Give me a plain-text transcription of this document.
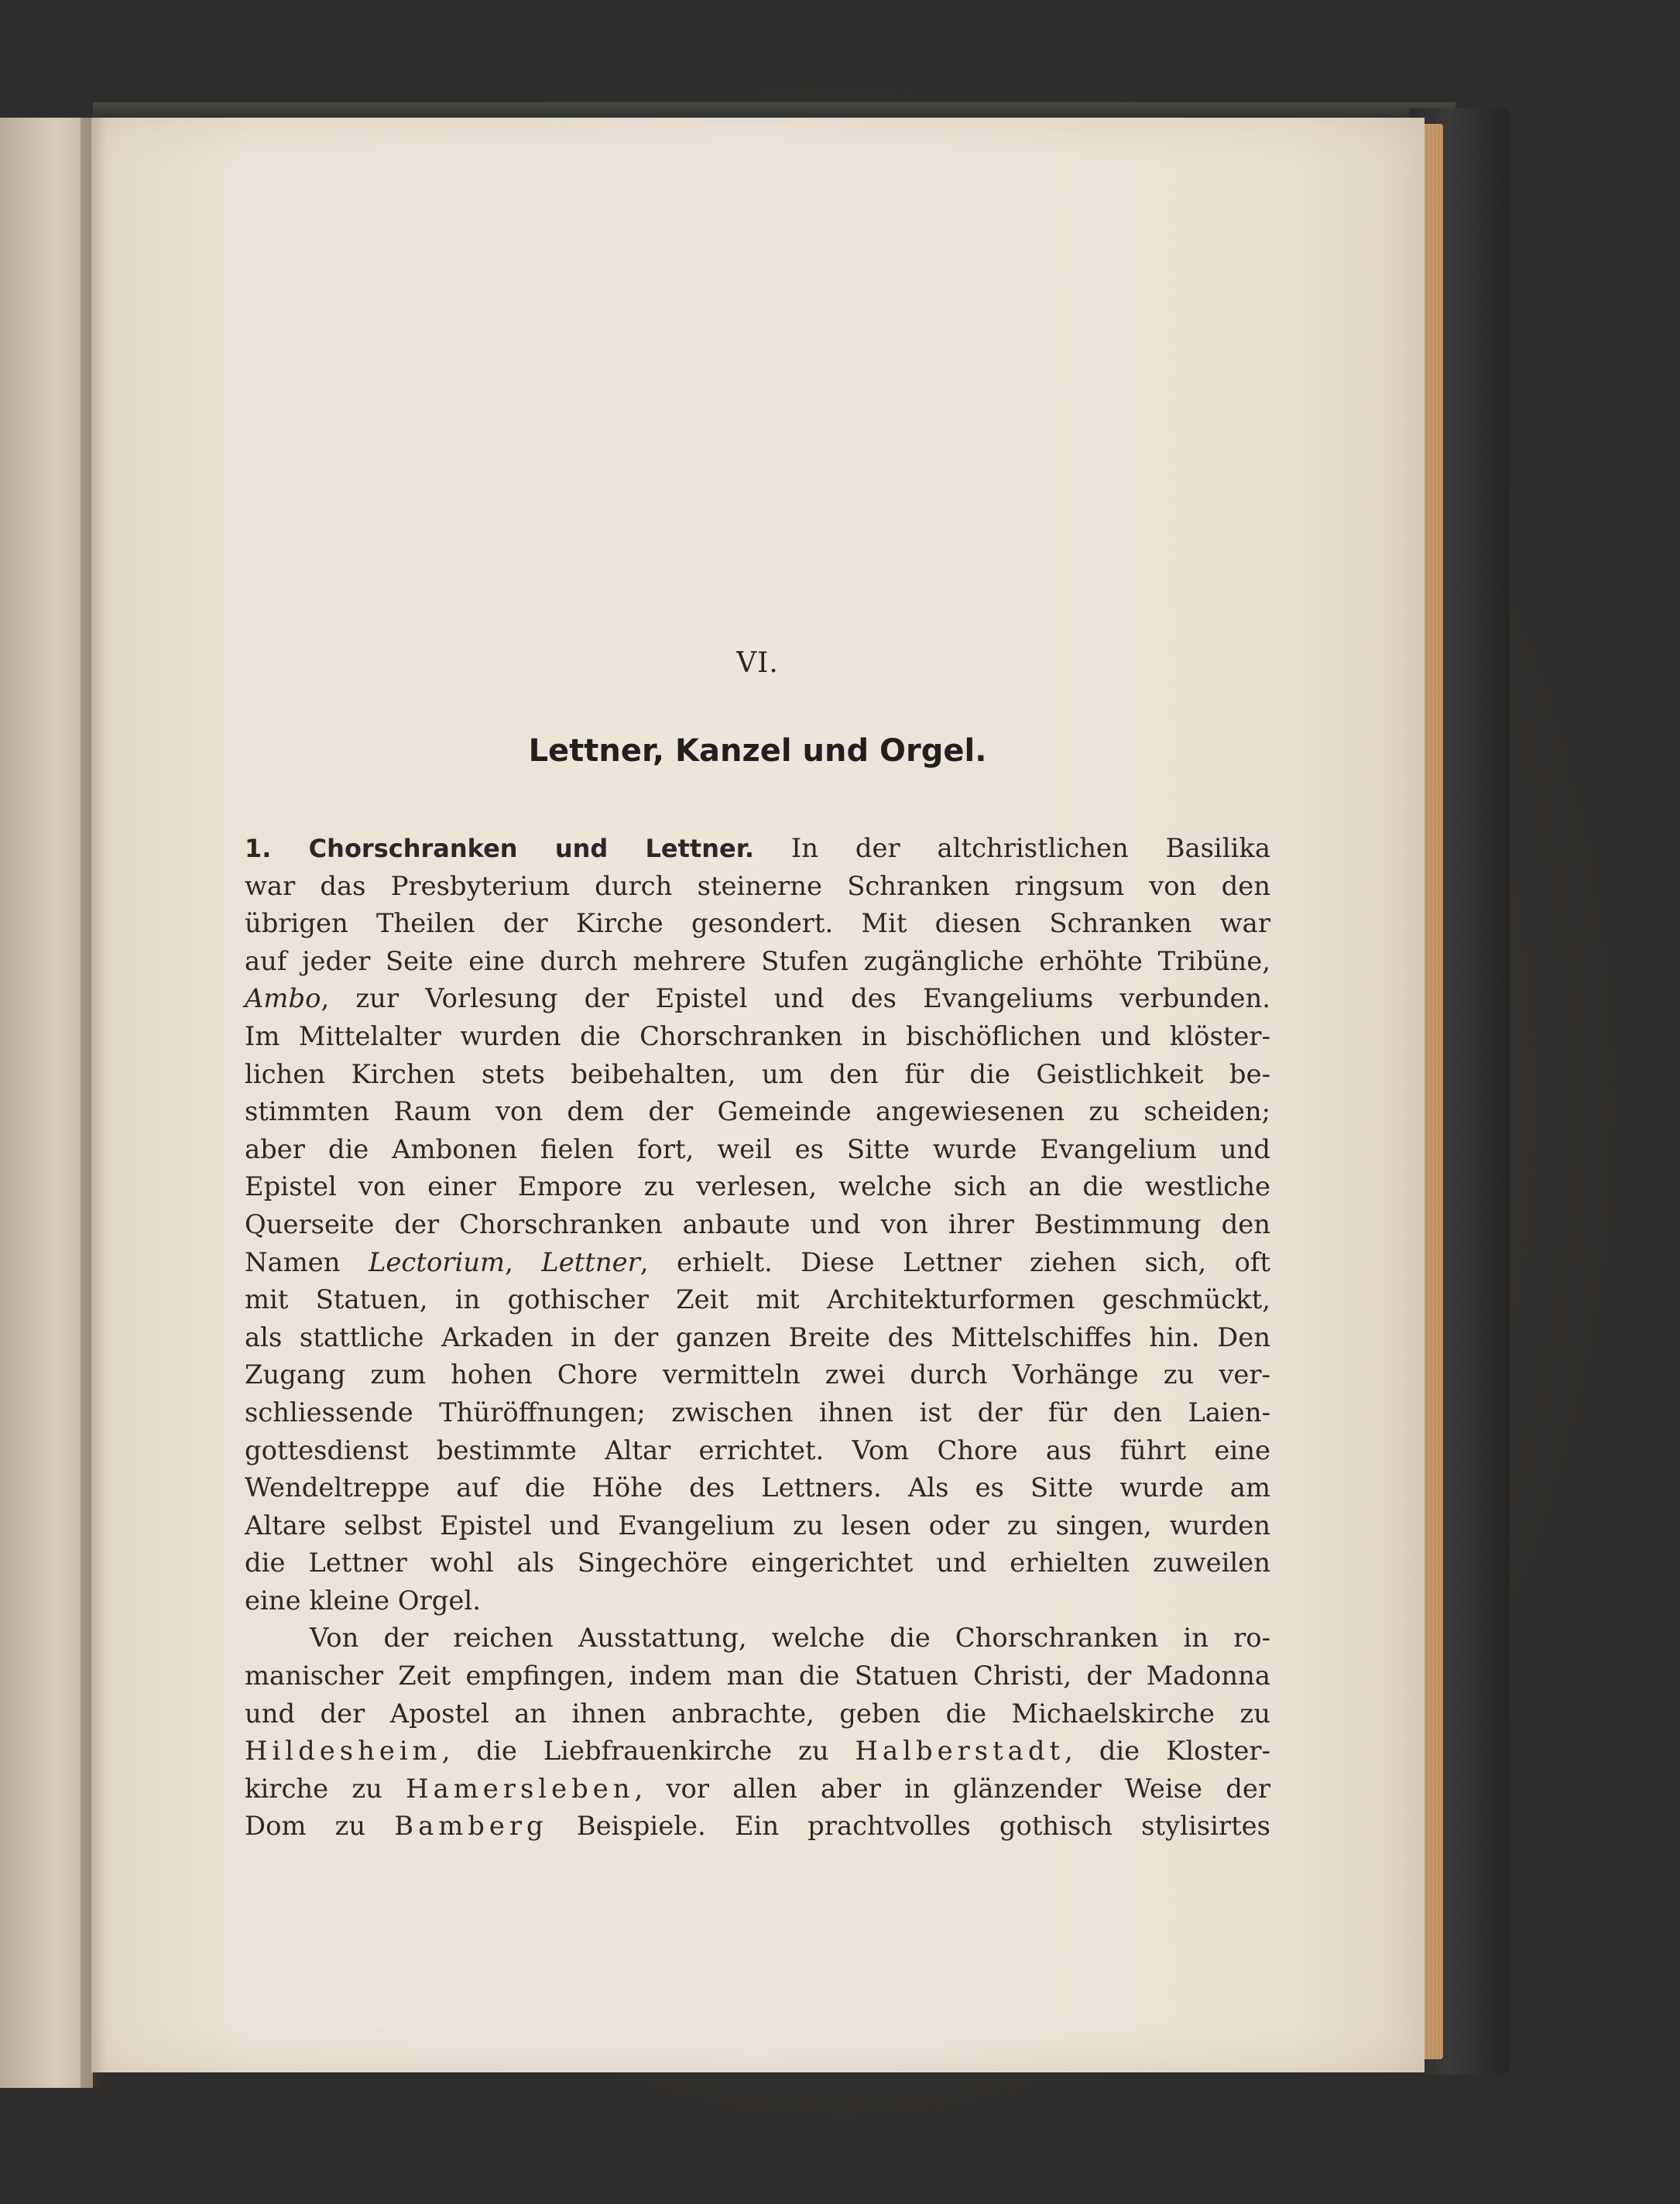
VI.
Lettner, Kanzel und Orgel.
1. Chorschranken und Lettner. In der altchristlichen Basilika
war das Presbyterium durch steinerne Schranken ringsum von den
übrigen Theilen der Kirche gesondert. Mit diesen Schranken war
auf jeder Seite eine durch mehrere Stufen zugängliche erhöhte Tribüne,
Ambo, zur Vorlesung der Epistel und des Evangeliums verbunden.
Im Mittelalter wurden die Chorschranken in bischöflichen und klöster-
lichen Kirchen stets beibehalten, um den für die Geistlichkeit be-
stimmten Raum von dem der Gemeinde angewiesenen zu scheiden;
aber die Ambonen fielen fort, weil es Sitte wurde Evangelium und
Epistel von einer Empore zu verlesen, welche sich an die westliche
Querseite der Chorschranken anbaute und von ihrer Bestimmung den
Namen Lectorium, Lettner, erhielt. Diese Lettner ziehen sich, oft
mit Statuen, in gothischer Zeit mit Architekturformen geschmückt,
als stattliche Arkaden in der ganzen Breite des Mittelschiffes hin. Den
Zugang zum hohen Chore vermitteln zwei durch Vorhänge zu ver-
schliessende Thüröffnungen; zwischen ihnen ist der für den Laien-
gottesdienst bestimmte Altar errichtet. Vom Chore aus führt eine
Wendeltreppe auf die Höhe des Lettners. Als es Sitte wurde am
Altare selbst Epistel und Evangelium zu lesen oder zu singen, wurden
die Lettner wohl als Singechöre eingerichtet und erhielten zuweilen
eine kleine Orgel.
Von der reichen Ausstattung, welche die Chorschranken in ro-
manischer Zeit empfingen, indem man die Statuen Christi, der Madonna
und der Apostel an ihnen anbrachte, geben die Michaelskirche zu
Hildesheim, die Liebfrauenkirche zu Halberstadt, die Kloster-
kirche zu Hamersleben, vor allen aber in glänzender Weise der
Dom zu Bamberg Beispiele. Ein prachtvolles gothisch stylisirtes
